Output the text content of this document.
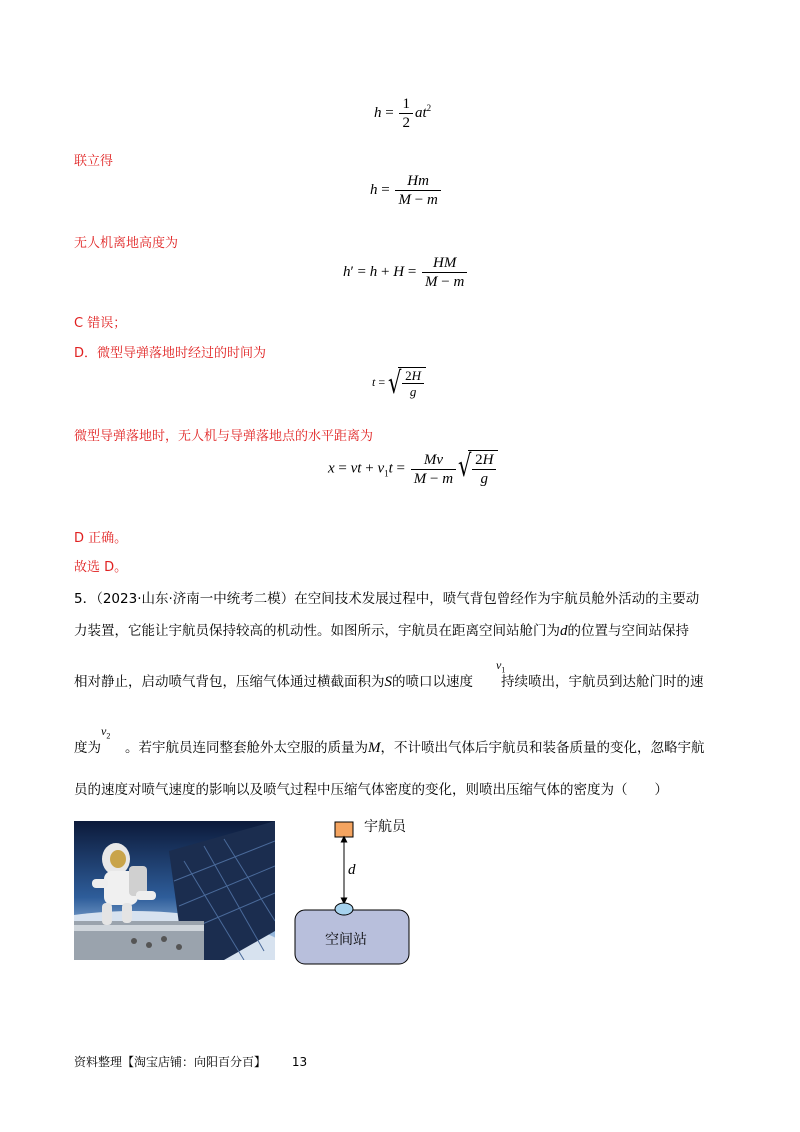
$h = \frac{1}{2} at^2$
联立得
$h = \frac{Hm}{M - m}$
无人机离地高度为
$h' = h + H = \frac{HM}{M - m}$
C 错误；
D．微型导弹落地时经过的时间为
t = √ $\frac{2H}{g}$
微型导弹落地时，无人机与导弹落地点的水平距离为
x = vt + $v_1t = \frac{Mv}{M - m}$ √ $\frac{2H}{g}$
D 正确。
故选 D。
5．（2023·山东·济南一中统考二模）在空间技术发展过程中，喷气背包曾经作为宇航员舱外活动的主要动
力装置，它能让宇航员保持较高的机动性。如图所示，宇航员在距离空间站舱门为d的位置与空间站保持
相对静止，启动喷气背包，压缩气体通过横截面积为S的喷口以速度 持续喷出，宇航员到达舱门时的速
$v_1$
度为 。若宇航员连同整套舱外太空服的质量为M，不计喷出气体后宇航员和装备质量的变化，忽略宇航
$v_2$
员的速度对喷气速度的影响以及喷气过程中压缩气体密度的变化，则喷出压缩气体的密度为（　　）
宇航员
d
空间站
资料整理【淘宝店铺：向阳百分百】 13
